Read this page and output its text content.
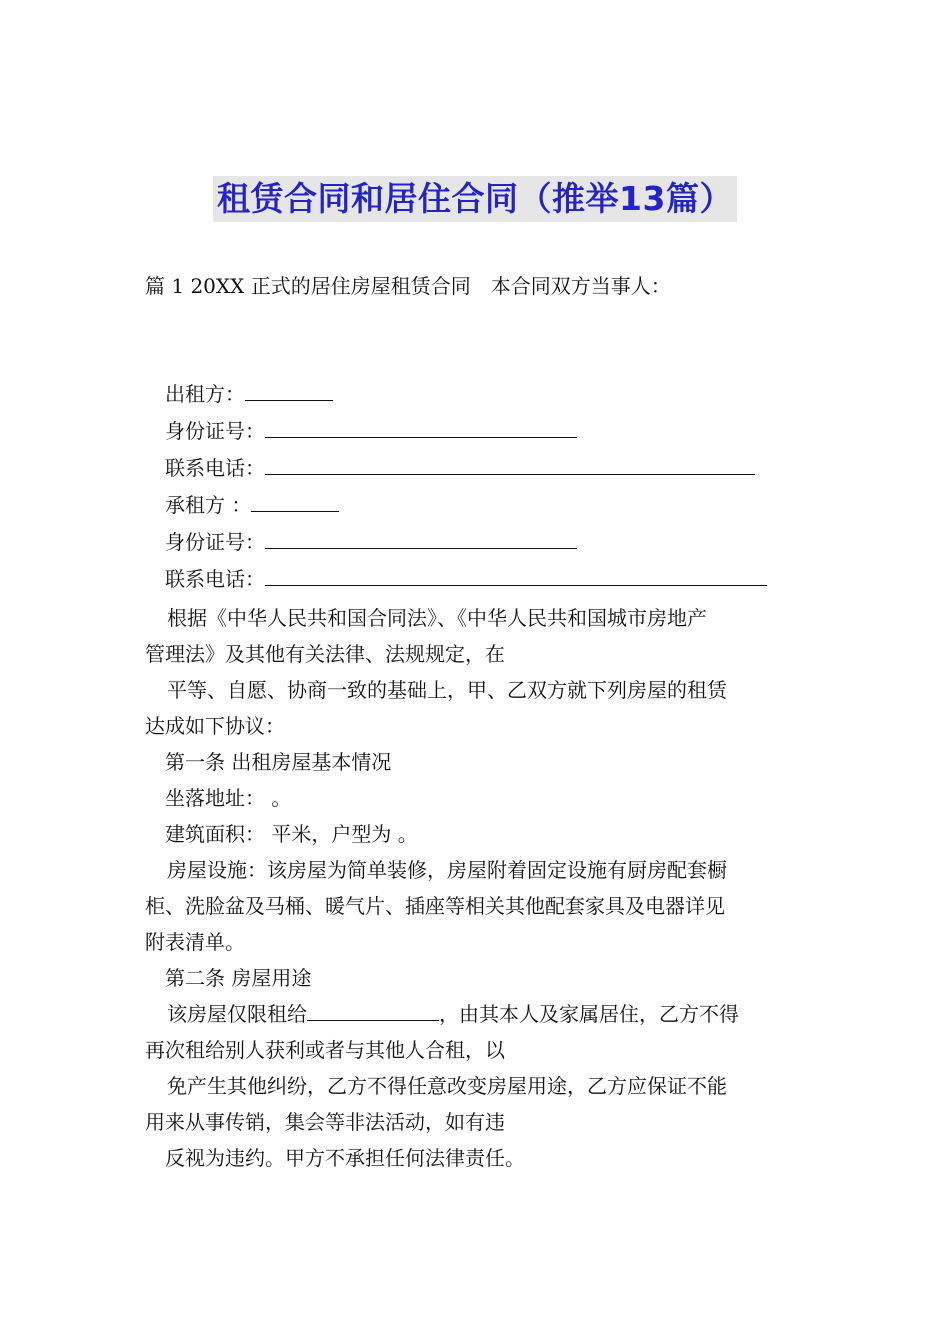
租赁合同和居住合同（推举13篇）
篇 1 20XX 正式的居住房屋租赁合同　本合同双方当事人：
出租方：
身份证号：
联系电话：
承租方 ：
身份证号：
联系电话：

根据《中华人民共和国合同法》、《中华人民共和国城市房地产

管理法》及其他有关法律、法规规定，在

平等、自愿、协商一致的基础上，甲、乙双方就下列房屋的租赁

达成如下协议：

第一条 出租房屋基本情况

坐落地址： 。

建筑面积： 平米，户型为 。

房屋设施：该房屋为简单装修，房屋附着固定设施有厨房配套橱

柜、洗脸盆及马桶、暖气片、插座等相关其他配套家具及电器详见

附表清单。

第二条 房屋用途

该房屋仅限租给	，由其本人及家属居住，乙方不得

再次租给别人获利或者与其他人合租，以

免产生其他纠纷，乙方不得任意改变房屋用途，乙方应保证不能

用来从事传销，集会等非法活动，如有违

反视为违约。甲方不承担任何法律责任。
